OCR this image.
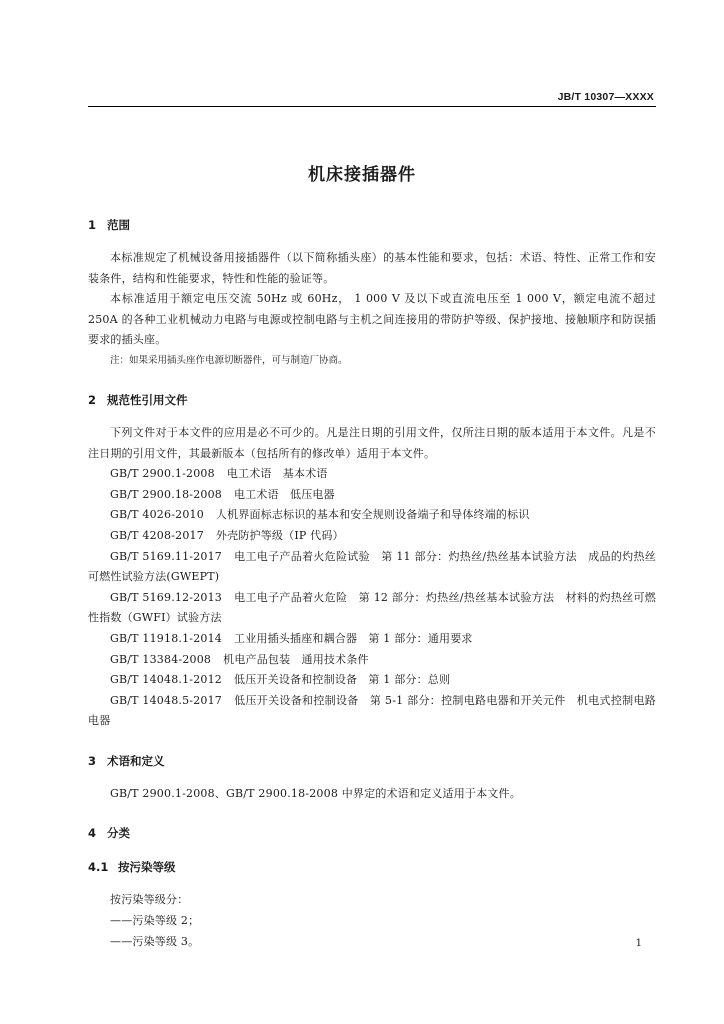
JB/T 10307—XXXX
机床接插器件
1 范围
本标准规定了机械设备用接插器件（以下简称插头座）的基本性能和要求，包括：术语、特性、正常工作和安装条件，结构和性能要求，特性和性能的验证等。
本标准适用于额定电压交流 50Hz 或 60Hz， 1 000 V 及以下或直流电压至 1 000 V，额定电流不超过 250A 的各种工业机械动力电路与电源或控制电路与主机之间连接用的带防护等级、保护接地、接触顺序和防误插要求的插头座。
注：如果采用插头座作电源切断器件，可与制造厂协商。
2 规范性引用文件
下列文件对于本文件的应用是必不可少的。凡是注日期的引用文件，仅所注日期的版本适用于本文件。凡是不注日期的引用文件，其最新版本（包括所有的修改单）适用于本文件。
GB/T 2900.1-2008 电工术语　基本术语
GB/T 2900.18-2008 电工术语　低压电器
GB/T 4026-2010 人机界面标志标识的基本和安全规则设备端子和导体终端的标识
GB/T 4208-2017 外壳防护等级（IP 代码）
GB/T 5169.11-2017 电工电子产品着火危险试验　第 11 部分：灼热丝/热丝基本试验方法　成品的灼热丝可燃性试验方法(GWEPT)
GB/T 5169.12-2013 电工电子产品着火危险　第 12 部分：灼热丝/热丝基本试验方法　材料的灼热丝可燃性指数（GWFI）试验方法
GB/T 11918.1-2014 工业用插头插座和耦合器　第 1 部分：通用要求
GB/T 13384-2008 机电产品包装　通用技术条件
GB/T 14048.1-2012 低压开关设备和控制设备　第 1 部分：总则
GB/T 14048.5-2017 低压开关设备和控制设备　第 5-1 部分：控制电路电器和开关元件　机电式控制电路电器
3 术语和定义
GB/T 2900.1-2008、GB/T 2900.18-2008 中界定的术语和定义适用于本文件。
4 分类
4.1 按污染等级
按污染等级分：
——污染等级 2；
——污染等级 3。	1
